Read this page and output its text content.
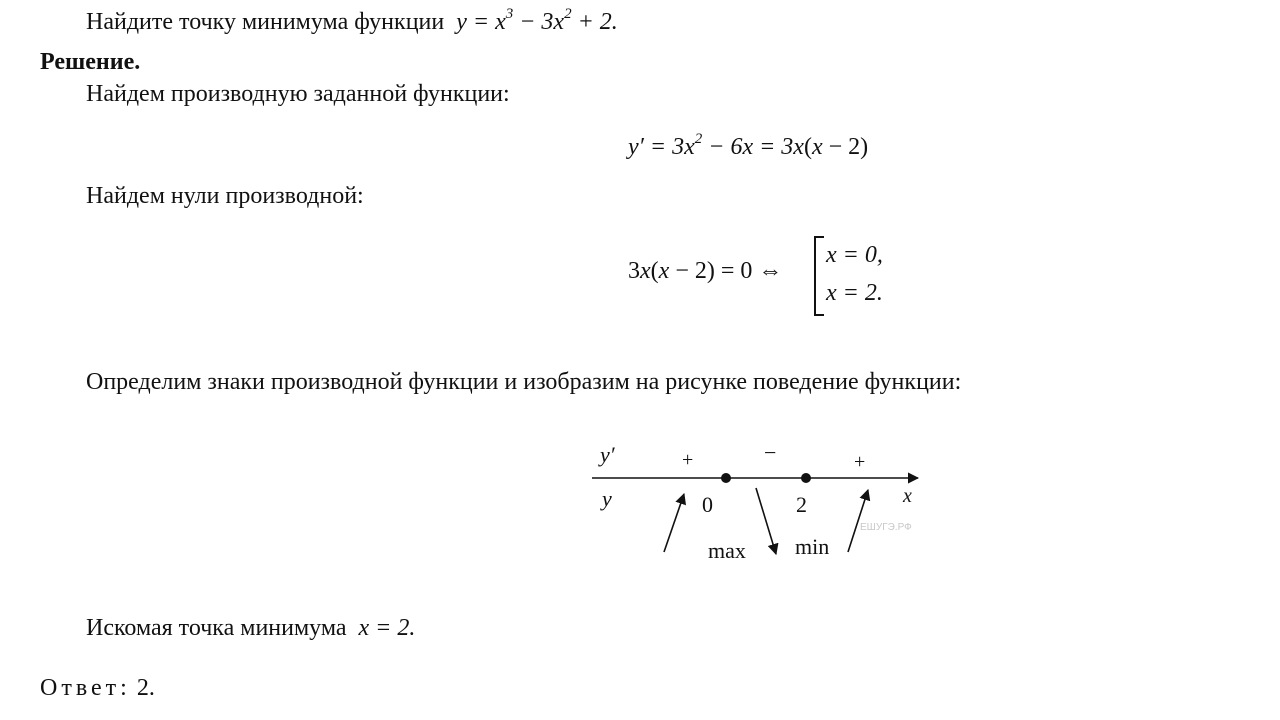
Найдите точку минимума функции $y = x^3 - 3x^2 + 2$.
Решение.
Найдем производную заданной функции:
$y' = 3x^2 - 6x = 3x(x - 2)$
Найдем нули производной:
3x(x − 2) = 0 ⇔
x = 0,
x = 2.
Определим знаки производной функции и изобразим на рисунке поведение функции:
y′
y	x
+	−	+
0	2
max min
ЕШУГЭ.РФ
Искомая точка минимума x = 2.
Ответ: 2.
